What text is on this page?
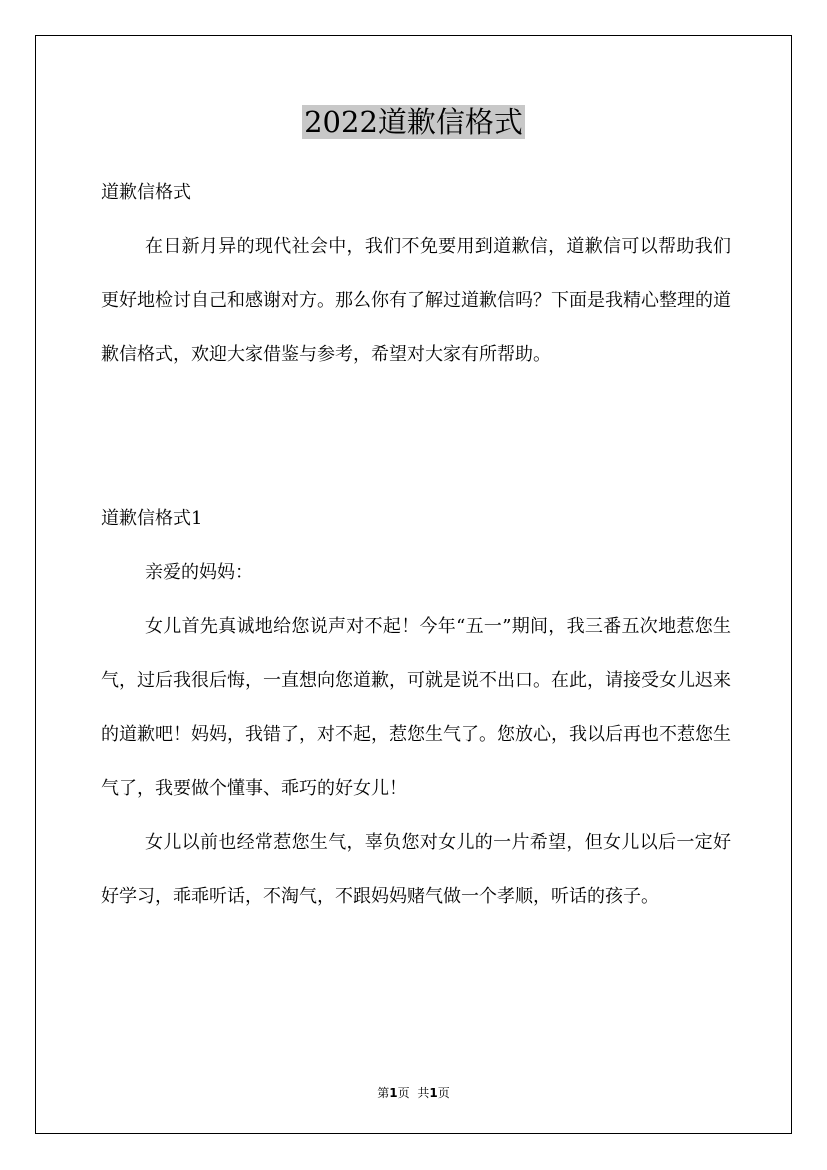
2022道歉信格式
道歉信格式

在日新月异的现代社会中，我们不免要用到道歉信，道歉信可以帮助我们更好地检讨自己和感谢对方。那么你有了解过道歉信吗？下面是我精心整理的道歉信格式，欢迎大家借鉴与参考，希望对大家有所帮助。

道歉信格式1

亲爱的妈妈：

女儿首先真诚地给您说声对不起！今年“五一”期间，我三番五次地惹您生气，过后我很后悔，一直想向您道歉，可就是说不出口。在此，请接受女儿迟来的道歉吧！妈妈，我错了，对不起，惹您生气了。您放心，我以后再也不惹您生气了，我要做个懂事、乖巧的好女儿！

女儿以前也经常惹您生气，辜负您对女儿的一片希望，但女儿以后一定好好学习，乖乖听话，不淘气，不跟妈妈赌气做一个孝顺，听话的孩子。

第1页 共1页
